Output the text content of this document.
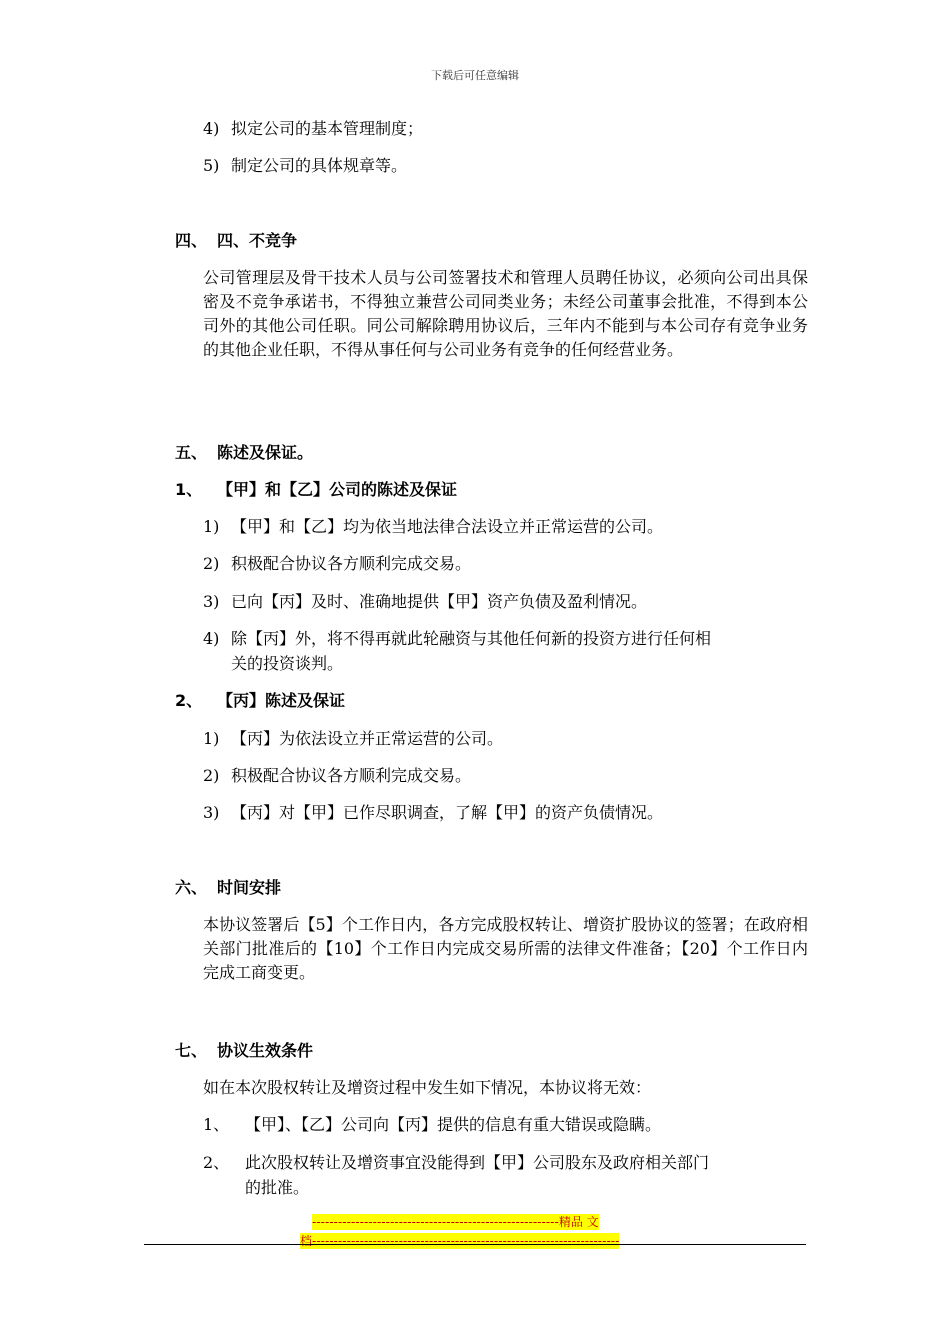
下载后可任意编辑
4) 拟定公司的基本管理制度；
5) 制定公司的具体规章等。
四、 四、不竞争
公司管理层及骨干技术人员与公司签署技术和管理人员聘任协议，必须向公司出具保密及不竞争承诺书，不得独立兼营公司同类业务；未经公司董事会批准，不得到本公司外的其他公司任职。同公司解除聘用协议后，三年内不能到与本公司存有竞争业务的其他企业任职，不得从事任何与公司业务有竞争的任何经营业务。
五、 陈述及保证。
1、 【甲】和【乙】公司的陈述及保证
1) 【甲】和【乙】均为依当地法律合法设立并正常运营的公司。
2) 积极配合协议各方顺利完成交易。
3) 已向【丙】及时、准确地提供【甲】资产负债及盈利情况。
4) 除【丙】外，将不得再就此轮融资与其他任何新的投资方进行任何相
关的投资谈判。
2、 【丙】陈述及保证
1) 【丙】为依法设立并正常运营的公司。
2) 积极配合协议各方顺利完成交易。
3) 【丙】对【甲】已作尽职调查，了解【甲】的资产负债情况。
六、 时间安排
本协议签署后【5】个工作日内，各方完成股权转让、增资扩股协议的签署；在政府相关部门批准后的【10】个工作日内完成交易所需的法律文件准备；【20】个工作日内完成工商变更。
七、 协议生效条件
如在本次股权转让及增资过程中发生如下情况，本协议将无效：
1、 【甲】、【乙】公司向【丙】提供的信息有重大错误或隐瞒。
2、 此次股权转让及增资事宜没能得到【甲】公司股东及政府相关部门
的批准。
---------------------------------------------------------精品 文
档-----------------------------------------------------------------------
